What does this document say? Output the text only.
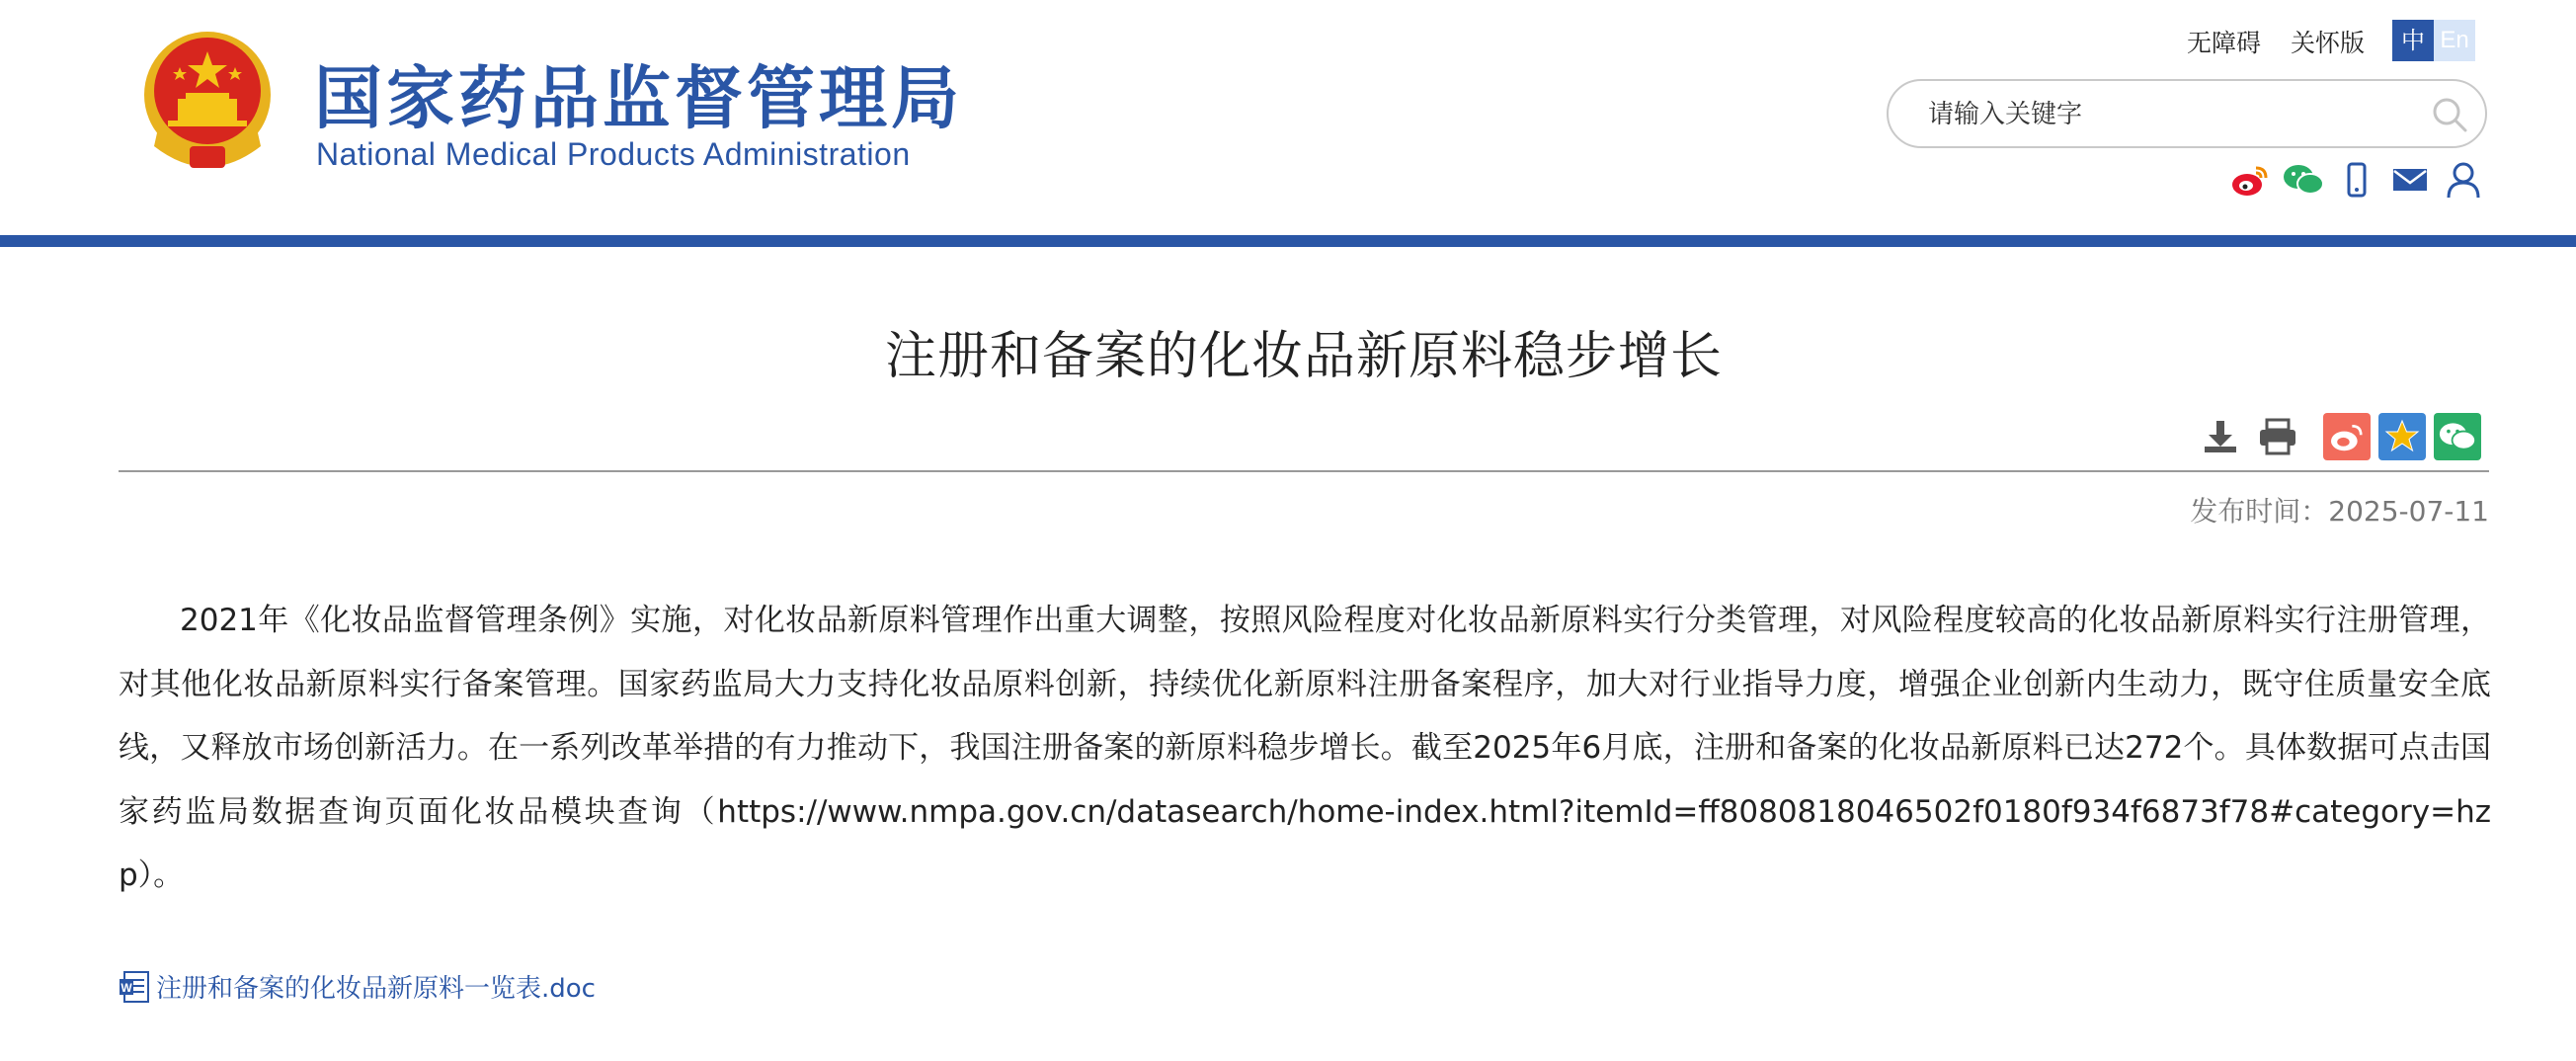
国家药品监督管理局
National Medical Products Administration
无障碍 关怀版	中 En
请输入关键字
注册和备案的化妆品新原料稳步增长
发布时间：2025-07-11

2021年《化妆品监督管理条例》实施，对化妆品新原料管理作出重大调整，按照风险程度对化妆品新原料实行分类管理，对风险程度较高的化妆品新原料实行注册管理，对其他化妆品新原料实行备案管理。国家药监局大力支持化妆品原料创新，持续优化新原料注册备案程序，加大对行业指导力度，增强企业创新内生动力，既守住质量安全底线，又释放市场创新活力。在一系列改革举措的有力推动下，我国注册备案的新原料稳步增长。截至2025年6月底，注册和备案的化妆品新原料已达272个。具体数据可点击国家药监局数据查询页面化妆品模块查询（https://www.nmpa.gov.cn/datasearch/home-index.html?itemId=ff8080818046502f0180f934f6873f78#category=hzp）。

W 注册和备案的化妆品新原料一览表.doc
